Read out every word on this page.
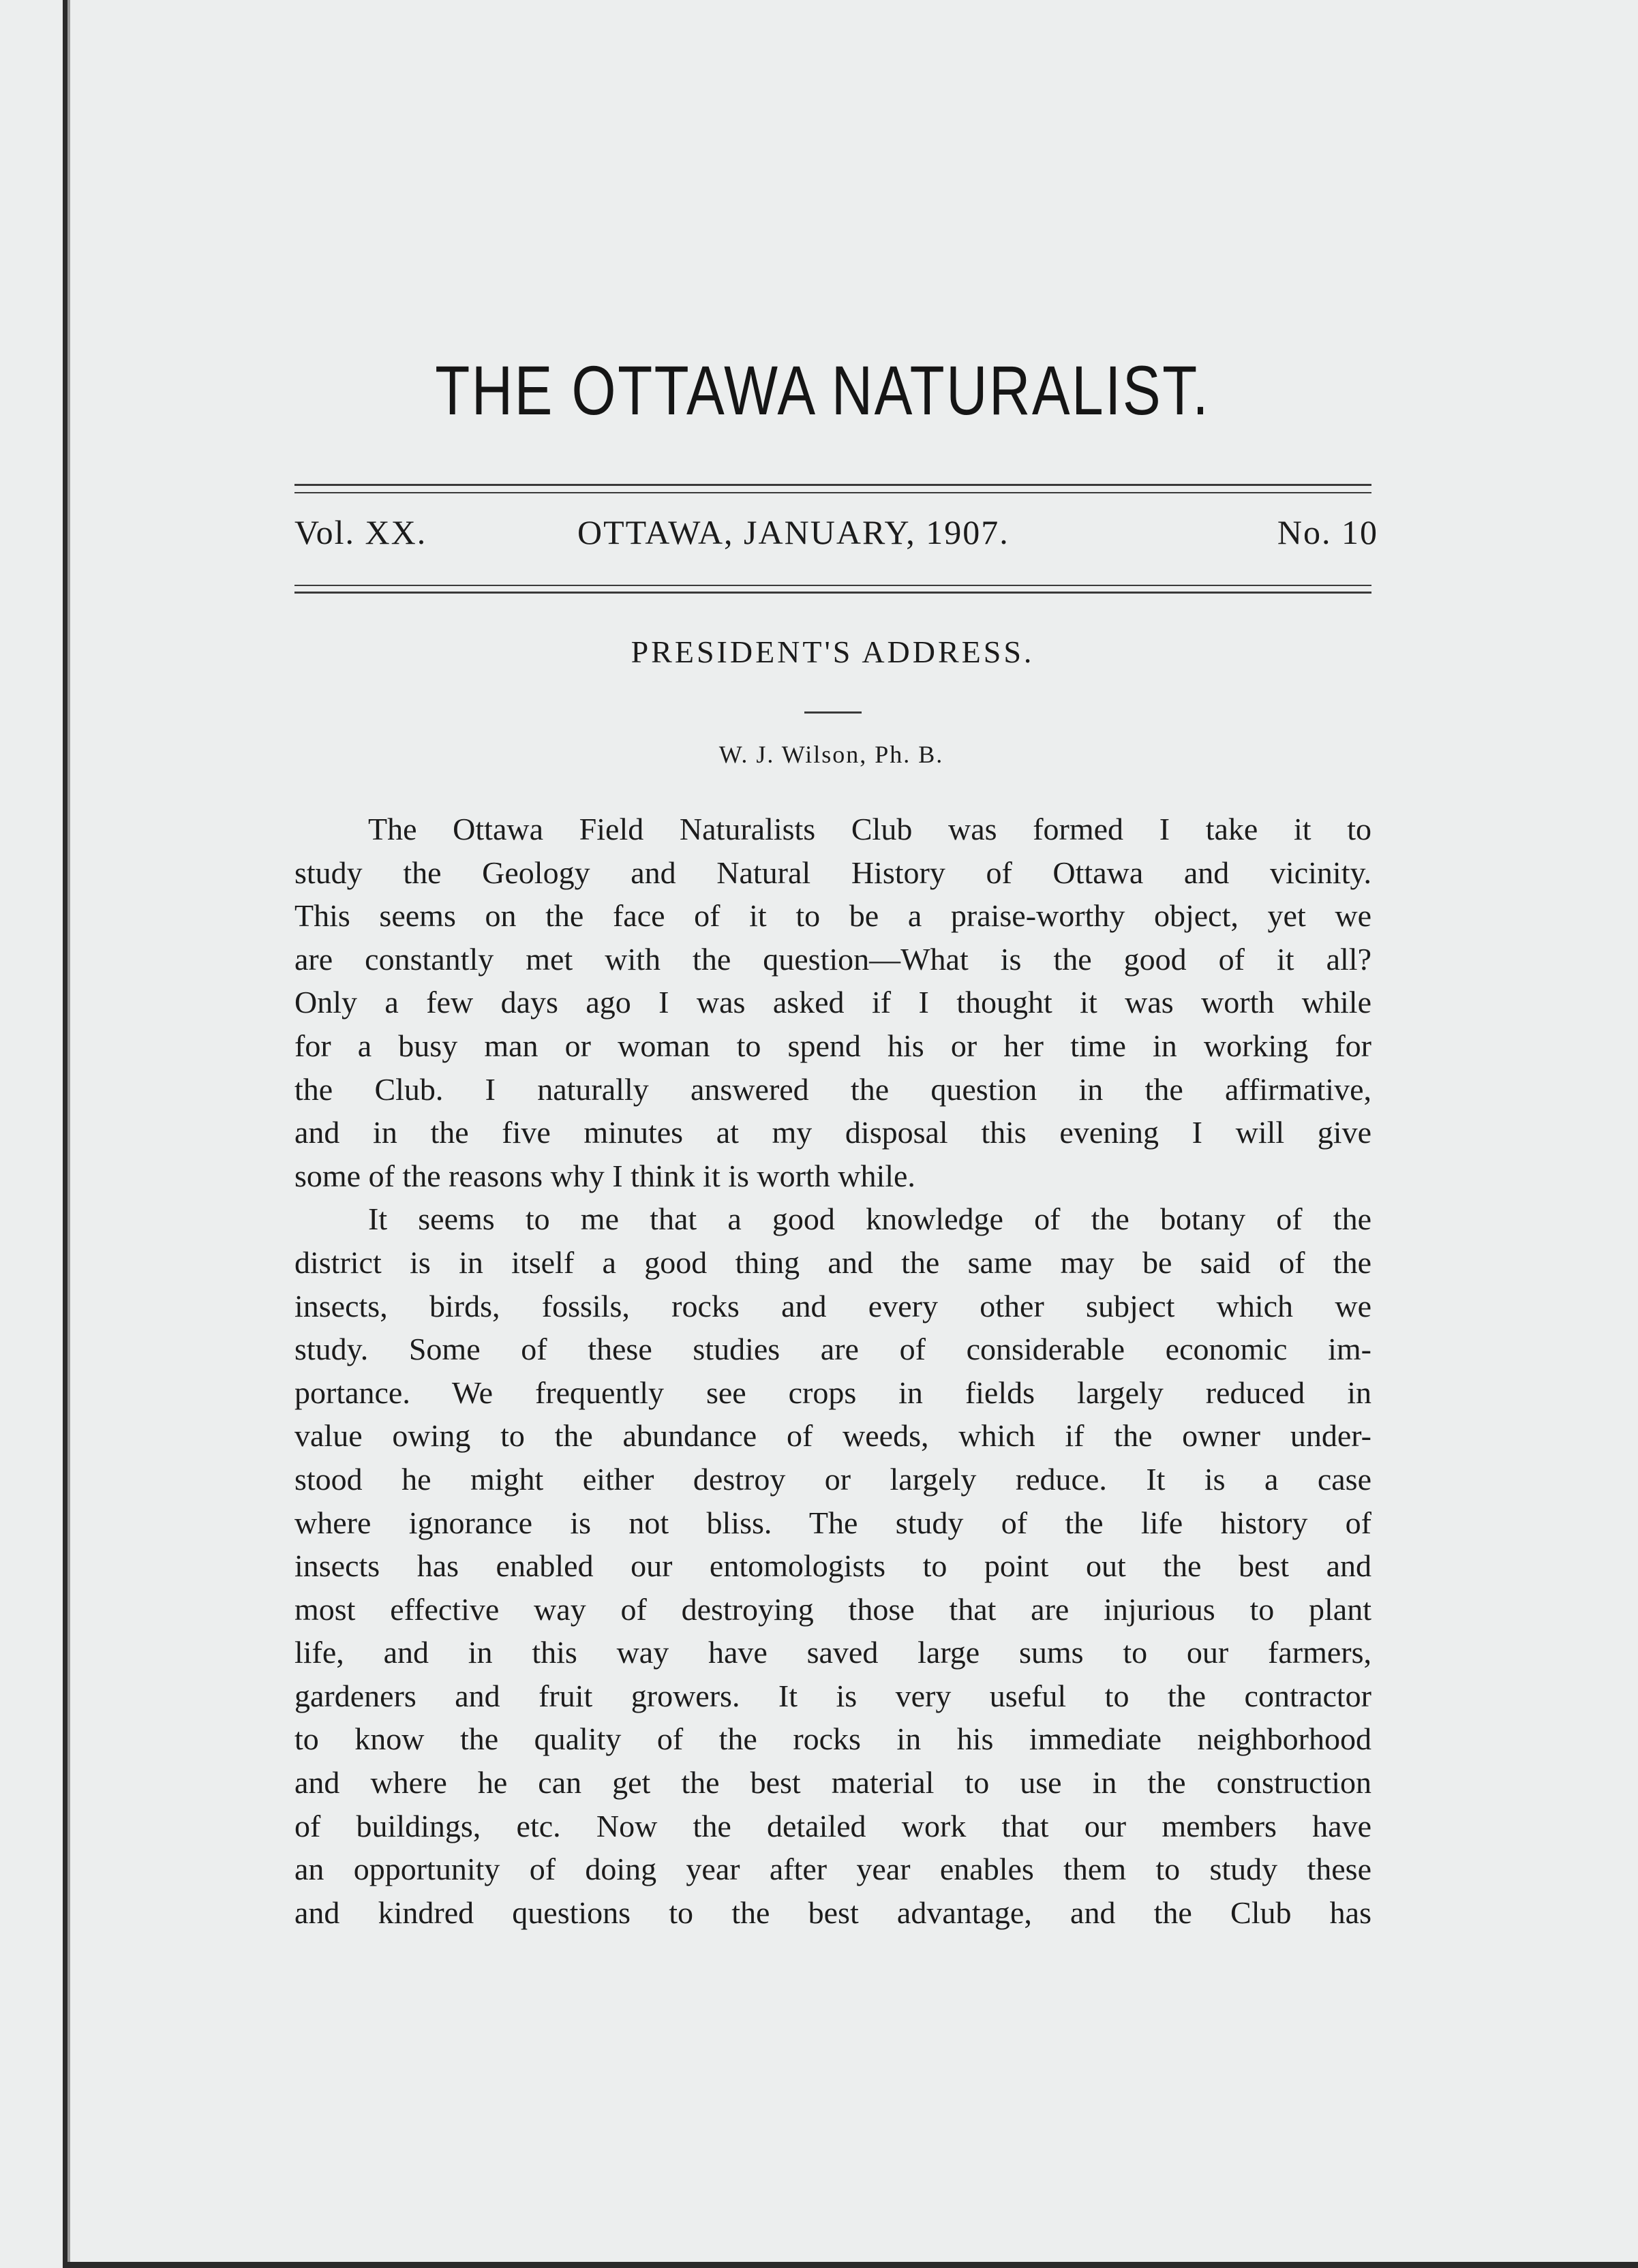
THE OTTAWA NATURALIST.
Vol. XX.	OTTAWA, JANUARY, 1907.	No. 10
PRESIDENT'S ADDRESS.
W. J. Wilson, Ph. B.
The Ottawa Field Naturalists Club was formed I take it to
study the Geology and Natural History of Ottawa and vicinity.
This seems on the face of it to be a praise-worthy object, yet we
are constantly met with the question—What is the good of it all?
Only a few days ago I was asked if I thought it was worth while
for a busy man or woman to spend his or her time in working for
the Club. I naturally answered the question in the affirmative,
and in the five minutes at my disposal this evening I will give
some of the reasons why I think it is worth while.
It seems to me that a good knowledge of the botany of the
district is in itself a good thing and the same may be said of the
insects, birds, fossils, rocks and every other subject which we
study. Some of these studies are of considerable economic im-
portance. We frequently see crops in fields largely reduced in
value owing to the abundance of weeds, which if the owner under-
stood he might either destroy or largely reduce. It is a case
where ignorance is not bliss. The study of the life history of
insects has enabled our entomologists to point out the best and
most effective way of destroying those that are injurious to plant
life, and in this way have saved large sums to our farmers,
gardeners and fruit growers. It is very useful to the contractor
to know the quality of the rocks in his immediate neighborhood
and where he can get the best material to use in the construction
of buildings, etc. Now the detailed work that our members have
an opportunity of doing year after year enables them to study these
and kindred questions to the best advantage, and the Club has
